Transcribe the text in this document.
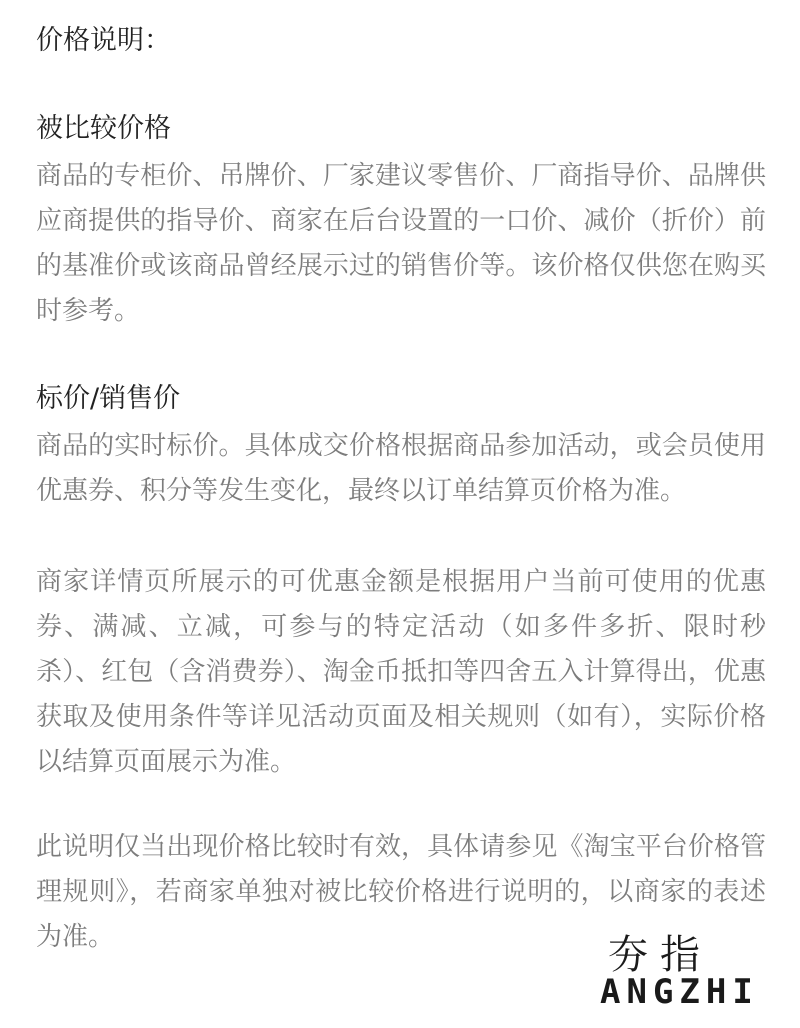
价格说明：
被比较价格

商品的专柜价、吊牌价、厂家建议零售价、厂商指导价、品牌供应商提供的指导价、商家在后台设置的一口价、减价（折价）前的基准价或该商品曾经展示过的销售价等。该价格仅供您在购买时参考。

标价/销售价

商品的实时标价。具体成交价格根据商品参加活动，或会员使用优惠券、积分等发生变化，最终以订单结算页价格为准。

商家详情页所展示的可优惠金额是根据用户当前可使用的优惠券、满减、立减，可参与的特定活动（如多件多折、限时秒杀）、红包（含消费券）、淘金币抵扣等四舍五入计算得出，优惠获取及使用条件等详见活动页面及相关规则（如有），实际价格以结算页面展示为准。

此说明仅当出现价格比较时有效，具体请参见《淘宝平台价格管理规则》，若商家单独对被比较价格进行说明的，以商家的表述为准。	夯指
ANGZHI
